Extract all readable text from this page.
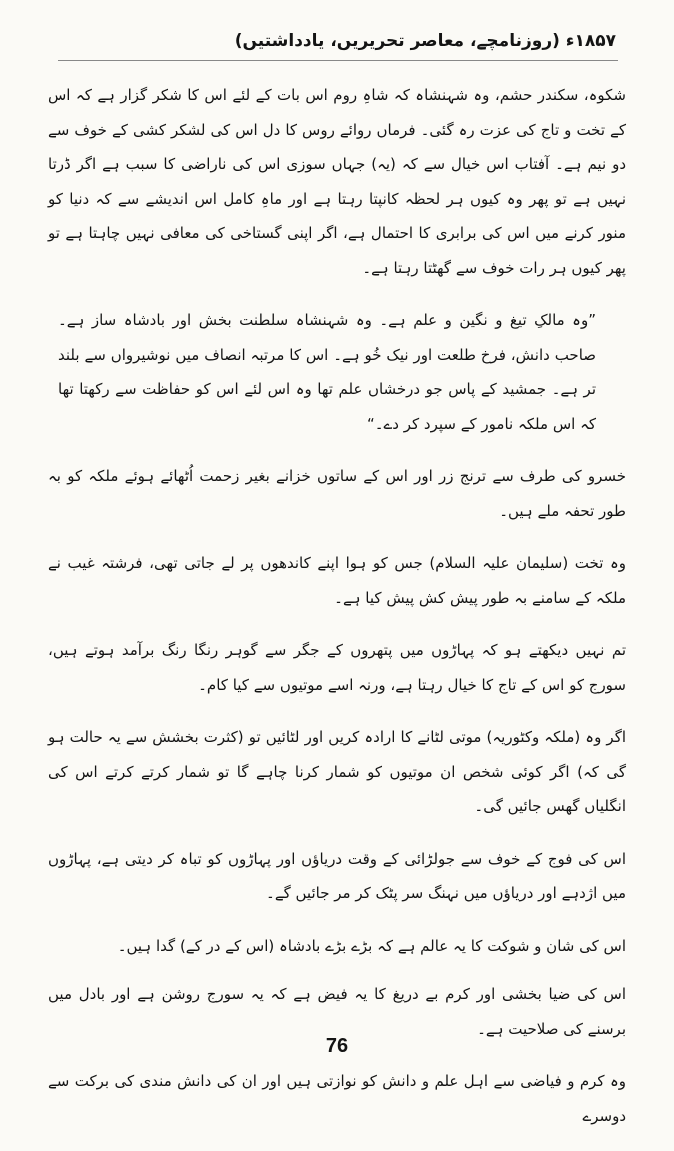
۱۸۵۷ء (روزنامچے، معاصر تحریریں، یادداشتیں)

شکوہ، سکندر حشم، وہ شہنشاہ کہ شاہِ روم اس بات کے لئے اس کا شکر گزار ہے کہ اس کے تخت و تاج کی عزت رہ گئی۔ فرماں روائے روس کا دل اس کی لشکر کشی کے خوف سے دو نیم ہے۔ آفتاب اس خیال سے کہ (یہ) جہاں سوزی اس کی ناراضی کا سبب ہے اگر ڈرتا نہیں ہے تو پھر وہ کیوں ہر لحظہ کانپتا رہتا ہے اور ماہِ کامل اس اندیشے سے کہ دنیا کو منور کرنے میں اس کی برابری کا احتمال ہے، اگر اپنی گستاخی کی معافی نہیں چاہتا ہے تو پھر کیوں ہر رات خوف سے گھٹتا رہتا ہے۔

”وہ مالکِ تیغ و نگین و علم ہے۔ وہ شہنشاہ سلطنت بخش اور بادشاہ ساز ہے۔ صاحب دانش، فرخ طلعت اور نیک خُو ہے۔ اس کا مرتبہ انصاف میں نوشیرواں سے بلند تر ہے۔ جمشید کے پاس جو درخشاں علم تھا وہ اس لئے اس کو حفاظت سے رکھتا تھا کہ اس ملکہ نامور کے سپرد کر دے۔“

خسرو کی طرف سے ترنج زر اور اس کے ساتوں خزانے بغیر زحمت اُٹھائے ہوئے ملکہ کو بہ طور تحفہ ملے ہیں۔

وہ تخت (سلیمان علیہ السلام) جس کو ہوا اپنے کاندھوں پر لے جاتی تھی، فرشتہ غیب نے ملکہ کے سامنے بہ طور پیش کش پیش کیا ہے۔

تم نہیں دیکھتے ہو کہ پہاڑوں میں پتھروں کے جگر سے گوہر رنگا رنگ برآمد ہوتے ہیں، سورج کو اس کے تاج کا خیال رہتا ہے، ورنہ اسے موتیوں سے کیا کام۔

اگر وہ (ملکہ وکٹوریہ) موتی لٹانے کا ارادہ کریں اور لٹائیں تو (کثرت بخشش سے یہ حالت ہو گی کہ) اگر کوئی شخص ان موتیوں کو شمار کرنا چاہے گا تو شمار کرتے کرتے اس کی انگلیاں گھس جائیں گی۔

اس کی فوج کے خوف سے جولڑائی کے وقت دریاؤں اور پہاڑوں کو تباہ کر دیتی ہے، پہاڑوں میں اژدہے اور دریاؤں میں نہنگ سر پٹک کر مر جائیں گے۔

اس کی شان و شوکت کا یہ عالم ہے کہ بڑے بڑے بادشاہ (اس کے در کے) گدا ہیں۔

اس کی ضیا بخشی اور کرم بے دریغ کا یہ فیض ہے کہ یہ سورج روشن ہے اور بادل میں برسنے کی صلاحیت ہے۔

وہ کرم و فیاضی سے اہل علم و دانش کو نوازتی ہیں اور ان کی دانش مندی کی برکت سے دوسرے

76
